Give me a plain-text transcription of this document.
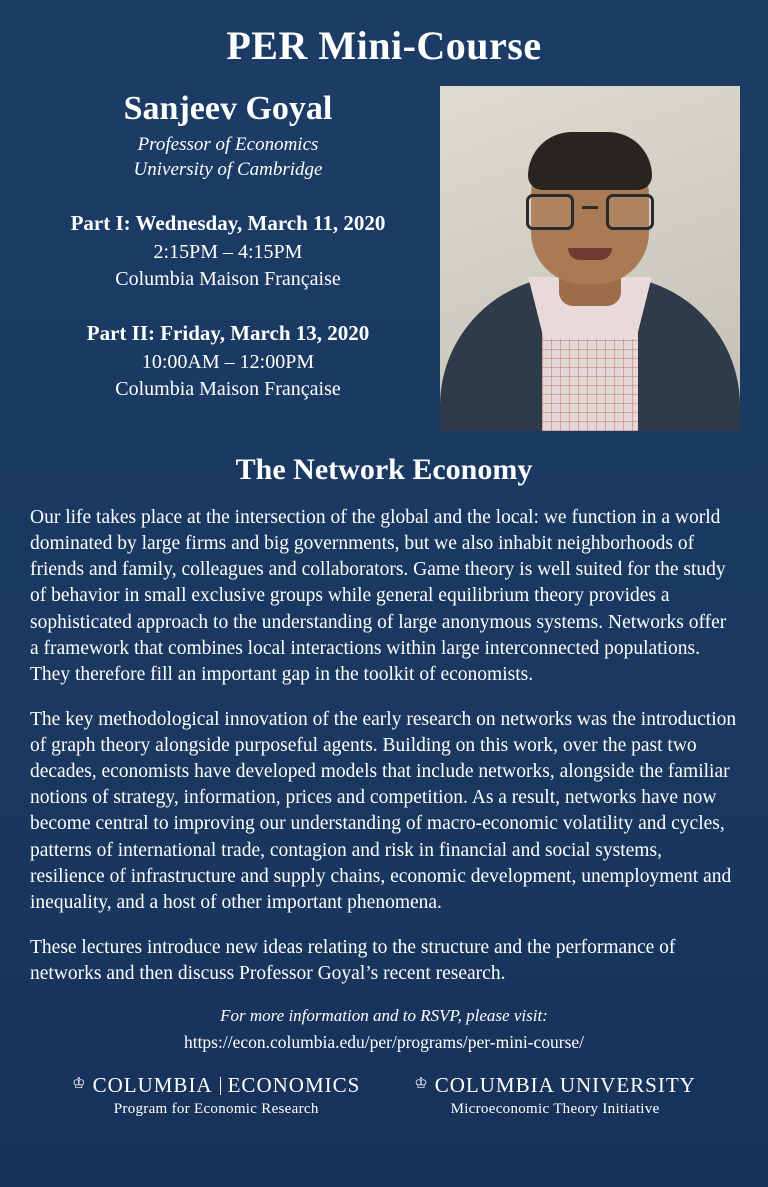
PER Mini-Course
Sanjeev Goyal
Professor of Economics
University of Cambridge
Part I: Wednesday, March 11, 2020
2:15PM – 4:15PM
Columbia Maison Française
Part II: Friday, March 13, 2020
10:00AM – 12:00PM
Columbia Maison Française
The Network Economy

Our life takes place at the intersection of the global and the local: we function in a world dominated by large firms and big governments, but we also inhabit neighborhoods of friends and family, colleagues and collaborators. Game theory is well suited for the study of behavior in small exclusive groups while general equilibrium theory provides a sophisticated approach to the understanding of large anonymous systems. Networks offer a framework that combines local interactions within large interconnected populations. They therefore fill an important gap in the toolkit of economists.

The key methodological innovation of the early research on networks was the introduction of graph theory alongside purposeful agents. Building on this work, over the past two decades, economists have developed models that include networks, alongside the familiar notions of strategy, information, prices and competition. As a result, networks have now become central to improving our understanding of macro-economic volatility and cycles, patterns of international trade, contagion and risk in financial and social systems, resilience of infrastructure and supply chains, economic development, unemployment and inequality, and a host of other important phenomena.

These lectures introduce new ideas relating to the structure and the performance of networks and then discuss Professor Goyal’s recent research.

For more information and to RSVP, please visit:
https://econ.columbia.edu/per/programs/per-mini-course/
♔ COLUMBIA ECONOMICS
Program for Economic Research
♔ COLUMBIA UNIVERSITY
Microeconomic Theory Initiative
